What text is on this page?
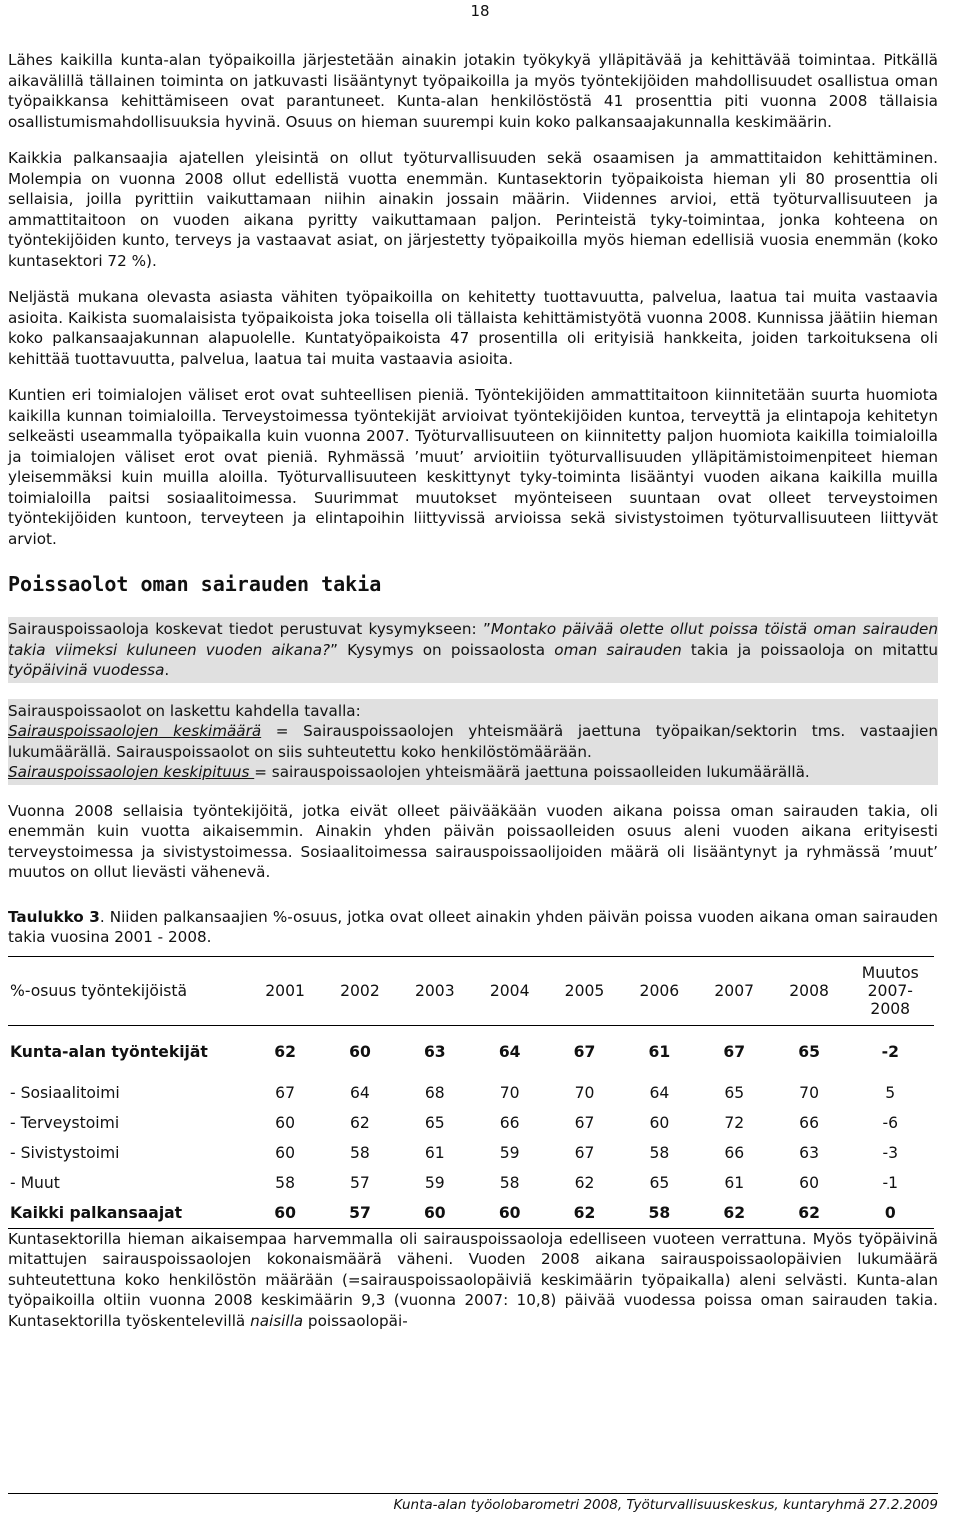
18

Lähes kaikilla kunta-alan työpaikoilla järjestetään ainakin jotakin työkykyä ylläpitävää ja kehittävää toimintaa. Pitkällä aikavälillä tällainen toiminta on jatkuvasti lisääntynyt työpaikoilla ja myös työntekijöiden mahdollisuudet osallistua oman työpaikkansa kehittämiseen ovat parantuneet. Kunta-alan henkilöstöstä 41 prosenttia piti vuonna 2008 tällaisia osallistumismahdollisuuksia hyvinä. Osuus on hieman suurempi kuin koko palkansaajakunnalla keskimäärin.

Kaikkia palkansaajia ajatellen yleisintä on ollut työturvallisuuden sekä osaamisen ja ammattitaidon kehittäminen. Molempia on vuonna 2008 ollut edellistä vuotta enemmän. Kuntasektorin työpaikoista hieman yli 80 prosenttia oli sellaisia, joilla pyrittiin vaikuttamaan niihin ainakin jossain määrin. Viidennes arvioi, että työturvallisuuteen ja ammattitaitoon on vuoden aikana pyritty vaikuttamaan paljon. Perinteistä tyky-toimintaa, jonka kohteena on työntekijöiden kunto, terveys ja vastaavat asiat, on järjestetty työpaikoilla myös hieman edellisiä vuosia enemmän (koko kuntasektori 72 %).

Neljästä mukana olevasta asiasta vähiten työpaikoilla on kehitetty tuottavuutta, palvelua, laatua tai muita vastaavia asioita. Kaikista suomalaisista työpaikoista joka toisella oli tällaista kehittämistyötä vuonna 2008. Kunnissa jäätiin hieman koko palkansaajakunnan alapuolelle. Kuntatyöpaikoista 47 prosentilla oli erityisiä hankkeita, joiden tarkoituksena oli kehittää tuottavuutta, palvelua, laatua tai muita vastaavia asioita.

Kuntien eri toimialojen väliset erot ovat suhteellisen pieniä. Työntekijöiden ammattitaitoon kiinnitetään suurta huomiota kaikilla kunnan toimialoilla. Terveystoimessa työntekijät arvioivat työntekijöiden kuntoa, terveyttä ja elintapoja kehitetyn selkeästi useammalla työpaikalla kuin vuonna 2007. Työturvallisuuteen on kiinnitetty paljon huomiota kaikilla toimialoilla ja toimialojen väliset erot ovat pieniä. Ryhmässä ’muut’ arvioitiin työturvallisuuden ylläpitämistoimenpiteet hieman yleisemmäksi kuin muilla aloilla. Työturvallisuuteen keskittynyt tyky-toiminta lisääntyi vuoden aikana kaikilla muilla toimialoilla paitsi sosiaalitoimessa. Suurimmat muutokset myönteiseen suuntaan ovat olleet terveystoimen työntekijöiden kuntoon, terveyteen ja elintapoihin liittyvissä arvioissa sekä sivistystoimen työturvallisuuteen liittyvät arviot.

Poissaolot oman sairauden takia

Sairauspoissaoloja koskevat tiedot perustuvat kysymykseen: ”Montako päivää olette ollut poissa töistä oman sairauden takia viimeksi kuluneen vuoden aikana?” Kysymys on poissaolosta oman sairauden takia ja poissaoloja on mitattu työpäivinä vuodessa.

Sairauspoissaolot on laskettu kahdella tavalla:

Sairauspoissaolojen keskimäärä = Sairauspoissaolojen yhteismäärä jaettuna työpaikan/sektorin tms. vastaajien lukumäärällä. Sairauspoissaolot on siis suhteutettu koko henkilöstömäärään.

Sairauspoissaolojen keskipituus = sairauspoissaolojen yhteismäärä jaettuna poissaolleiden lukumäärällä.

Vuonna 2008 sellaisia työntekijöitä, jotka eivät olleet päivääkään vuoden aikana poissa oman sairauden takia, oli enemmän kuin vuotta aikaisemmin. Ainakin yhden päivän poissaolleiden osuus aleni vuoden aikana erityisesti terveystoimessa ja sivistystoimessa. Sosiaalitoimessa sairauspoissaolijoiden määrä oli lisääntynyt ja ryhmässä ’muut’ muutos on ollut lievästi vähenevä.

Taulukko 3. Niiden palkansaajien %-osuus, jotka ovat olleet ainakin yhden päivän poissa vuoden aikana oman sairauden takia vuosina 2001 - 2008.

%-osuus työntekijöistä	2001	2002	2003	2004	2005	2006	2007	2008	Muutos 2007-2008
Kunta-alan työntekijät	62	60	63	64	67	61	67	65	-2
- Sosiaalitoimi	67	64	68	70	70	64	65	70	5
- Terveystoimi	60	62	65	66	67	60	72	66	-6
- Sivistystoimi	60	58	61	59	67	58	66	63	-3
- Muut	58	57	59	58	62	65	61	60	-1
Kaikki palkansaajat	60	57	60	60	62	58	62	62	0

Kuntasektorilla hieman aikaisempaa harvemmalla oli sairauspoissaoloja edelliseen vuoteen verrattuna. Myös työpäivinä mitattujen sairauspoissaolojen kokonaismäärä väheni. Vuoden 2008 aikana sairauspoissaolopäivien lukumäärä suhteutettuna koko henkilöstön määrään (=sairauspoissaolopäiviä keskimäärin työpaikalla) aleni selvästi. Kunta-alan työpaikoilla oltiin vuonna 2008 keskimäärin 9,3 (vuonna 2007: 10,8) päivää vuodessa poissa oman sairauden takia. Kuntasektorilla työskentelevillä naisilla poissaolopäi-

Kunta-alan työolobarometri 2008, Työturvallisuuskeskus, kuntaryhmä 27.2.2009
